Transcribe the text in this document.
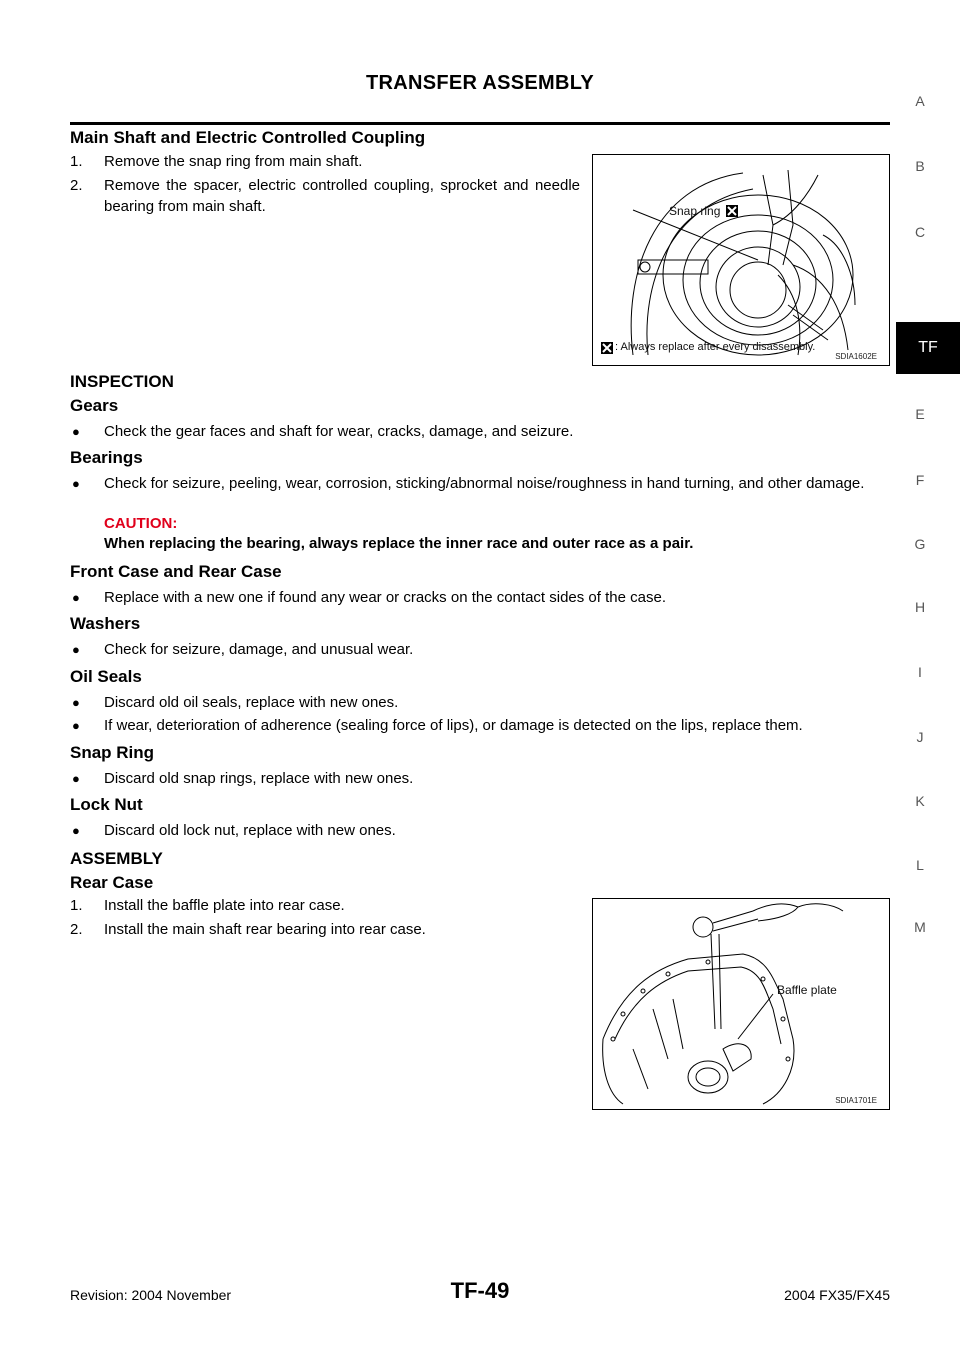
TRANSFER ASSEMBLY
A
B
C
E
F
G
H
I
J
K
L
M
TF
Main Shaft and Electric Controlled Coupling
1. Remove the snap ring from main shaft.
2. Remove the spacer, electric controlled coupling, sprocket and needle bearing from main shaft.
INSPECTION
Gears
● Check the gear faces and shaft for wear, cracks, damage, and seizure.
Bearings
● Check for seizure, peeling, wear, corrosion, sticking/abnormal noise/roughness in hand turning, and other damage.
CAUTION:
When replacing the bearing, always replace the inner race and outer race as a pair.
Front Case and Rear Case
● Replace with a new one if found any wear or cracks on the contact sides of the case.
Washers
● Check for seizure, damage, and unusual wear.
Oil Seals
● Discard old oil seals, replace with new ones.
● If wear, deterioration of adherence (sealing force of lips), or damage is detected on the lips, replace them.
Snap Ring
● Discard old snap rings, replace with new ones.
Lock Nut
● Discard old lock nut, replace with new ones.
ASSEMBLY
Rear Case
1. Install the baffle plate into rear case.
2. Install the main shaft rear bearing into rear case.
Snap ring
: Always replace after every disassembly.
SDIA1602E
Baffle plate
SDIA1701E
Revision: 2004 November	TF-49	2004 FX35/FX45
